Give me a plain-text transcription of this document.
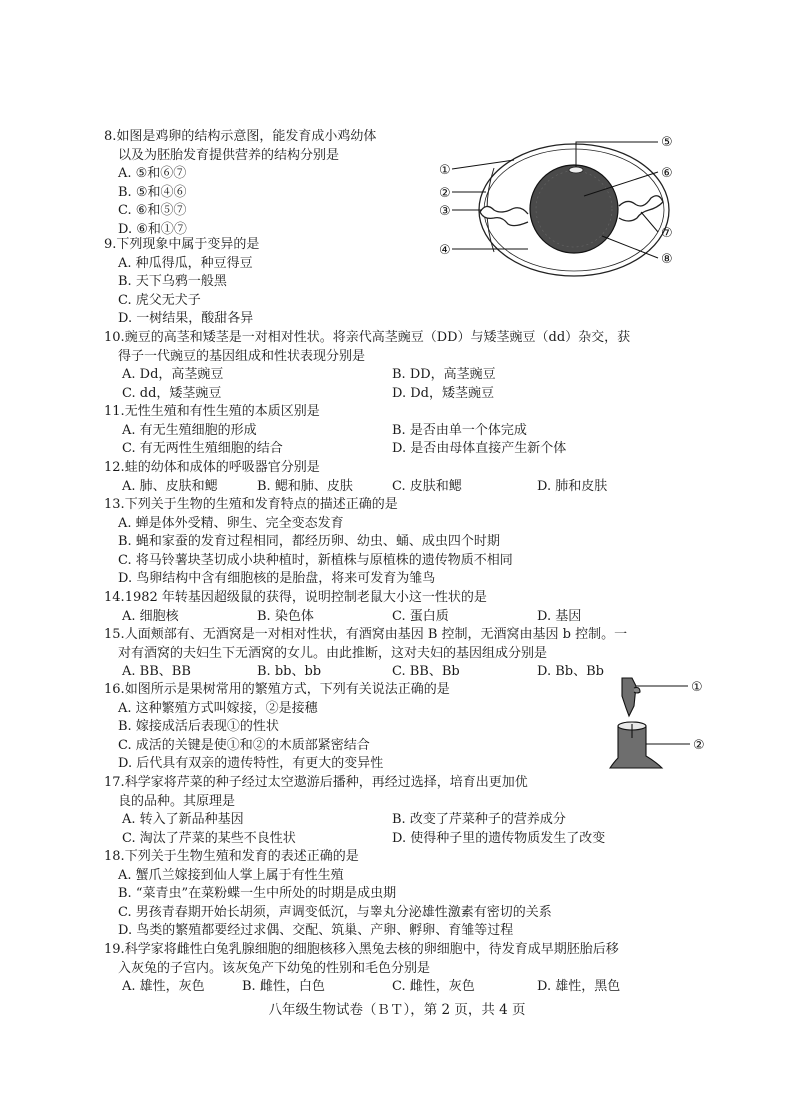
8.如图是鸡卵的结构示意图，能发育成小鸡幼体
以及为胚胎发育提供营养的结构分别是
A. ⑤和⑥⑦
B. ⑤和④⑥
C. ⑥和⑤⑦
D. ⑥和①⑦
9.下列现象中属于变异的是
A. 种瓜得瓜，种豆得豆
B. 天下乌鸦一般黑
C. 虎父无犬子
D. 一树结果，酸甜各异
10.豌豆的高茎和矮茎是一对相对性状。将亲代高茎豌豆（DD）与矮茎豌豆（dd）杂交，获
得子一代豌豆的基因组成和性状表现分别是
A. Dd，高茎豌豆	B. DD，高茎豌豆
C. dd，矮茎豌豆	D. Dd，矮茎豌豆
11.无性生殖和有性生殖的本质区别是
A. 有无生殖细胞的形成	B. 是否由单一个体完成
C. 有无两性生殖细胞的结合	D. 是否由母体直接产生新个体
12.蛙的幼体和成体的呼吸器官分别是
A. 肺、皮肤和鳃	B. 鳃和肺、皮肤	C. 皮肤和鳃	D. 肺和皮肤
13.下列关于生物的生殖和发育特点的描述正确的是
A. 蝉是体外受精、卵生、完全变态发育
B. 蝇和家蚕的发育过程相同，都经历卵、幼虫、蛹、成虫四个时期
C. 将马铃薯块茎切成小块种植时，新植株与原植株的遗传物质不相同
D. 鸟卵结构中含有细胞核的是胎盘，将来可发育为雏鸟
14.1982 年转基因超级鼠的获得，说明控制老鼠大小这一性状的是
A. 细胞核	B. 染色体	C. 蛋白质	D. 基因
15.人面颊部有、无酒窝是一对相对性状，有酒窝由基因 B 控制，无酒窝由基因 b 控制。一
对有酒窝的夫妇生下无酒窝的女儿。由此推断，这对夫妇的基因组成分别是
A. BB、BB	B. bb、bb	C. BB、Bb	D. Bb、Bb
16.如图所示是果树常用的繁殖方式，下列有关说法正确的是
A. 这种繁殖方式叫嫁接，②是接穗
B. 嫁接成活后表现①的性状
C. 成活的关键是使①和②的木质部紧密结合
D. 后代具有双亲的遗传特性，有更大的变异性
17.科学家将芹菜的种子经过太空遨游后播种，再经过选择，培育出更加优
良的品种。其原理是
A. 转入了新品种基因	B. 改变了芹菜种子的营养成分
C. 淘汰了芹菜的某些不良性状	D. 使得种子里的遗传物质发生了改变
18.下列关于生物生殖和发育的表述正确的是
A. 蟹爪兰嫁接到仙人掌上属于有性生殖
B. “菜青虫”在菜粉蝶一生中所处的时期是成虫期
C. 男孩青春期开始长胡须，声调变低沉，与睾丸分泌雄性激素有密切的关系
D. 鸟类的繁殖都要经过求偶、交配、筑巢、产卵、孵卵、育雏等过程
19.科学家将雌性白兔乳腺细胞的细胞核移入黑兔去核的卵细胞中，待发育成早期胚胎后移
入灰兔的子宫内。该灰兔产下幼兔的性别和毛色分别是
A. 雄性，灰色	B. 雌性，白色	C. 雌性，灰色	D. 雄性，黑色
①
②
③
④
⑤
⑥
⑦
⑧
①
②
八年级生物试卷（ＢＴ），第 2 页，共 4 页
